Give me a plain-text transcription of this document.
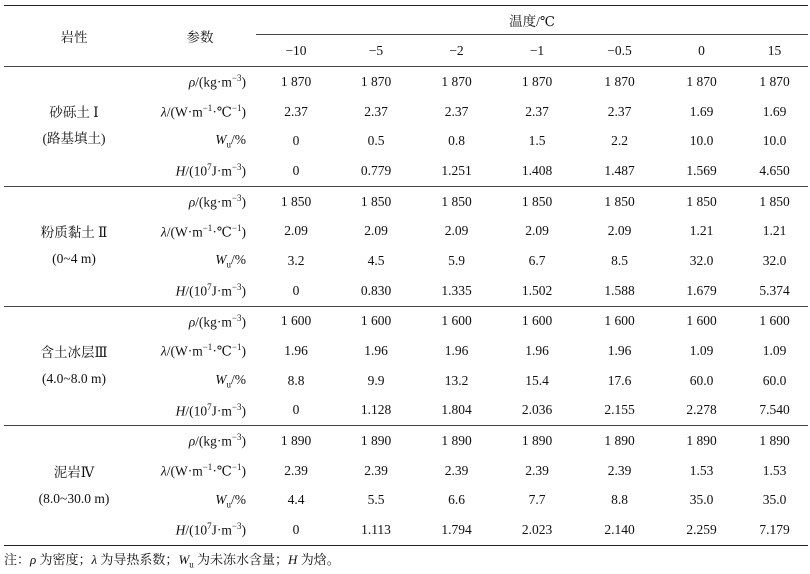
岩性	参数	温度/℃						
		−10	−5	−2	−1	−0.5	0	15

砂砾土 Ⅰ
(路基填土)	$\rho/(kg\cdot m^{-3})$	1 870	1 870	1 870	1 870	1 870	1 870	1 870
	$\lambda/(W\cdot m^{-1}\cdot℃^{-1})$	2.37	2.37	2.37	2.37	2.37	1.69	1.69
	$W_u/\%$	0	0.5	0.8	1.5	2.2	10.0	10.0
	$H/(10^7J\cdot m^{-3})$	0	0.779	1.251	1.408	1.487	1.569	4.650

粉质黏土 Ⅱ
(0~4 m)	$\rho/(kg\cdot m^{-3})$	1 850	1 850	1 850	1 850	1 850	1 850	1 850
	$\lambda/(W\cdot m^{-1}\cdot℃^{-1})$	2.09	2.09	2.09	2.09	2.09	1.21	1.21
	$W_u/\%$	3.2	4.5	5.9	6.7	8.5	32.0	32.0
	$H/(10^7J\cdot m^{-3})$	0	0.830	1.335	1.502	1.588	1.679	5.374

含土冰层Ⅲ
(4.0~8.0 m)	$\rho/(kg\cdot m^{-3})$	1 600	1 600	1 600	1 600	1 600	1 600	1 600
	$\lambda/(W\cdot m^{-1}\cdot℃^{-1})$	1.96	1.96	1.96	1.96	1.96	1.09	1.09
	$W_u/\%$	8.8	9.9	13.2	15.4	17.6	60.0	60.0
	$H/(10^7J\cdot m^{-3})$	0	1.128	1.804	2.036	2.155	2.278	7.540

泥岩Ⅳ
(8.0~30.0 m)	$\rho/(kg\cdot m^{-3})$	1 890	1 890	1 890	1 890	1 890	1 890	1 890
	$\lambda/(W\cdot m^{-1}\cdot℃^{-1})$	2.39	2.39	2.39	2.39	2.39	1.53	1.53
	$W_u/\%$	4.4	5.5	6.6	7.7	8.8	35.0	35.0
	$H/(10^7J\cdot m^{-3})$	0	1.113	1.794	2.023	2.140	2.259	7.179
注：ρ 为密度；λ 为导热系数；$W_u$ 为未冻水含量；H 为焓。
